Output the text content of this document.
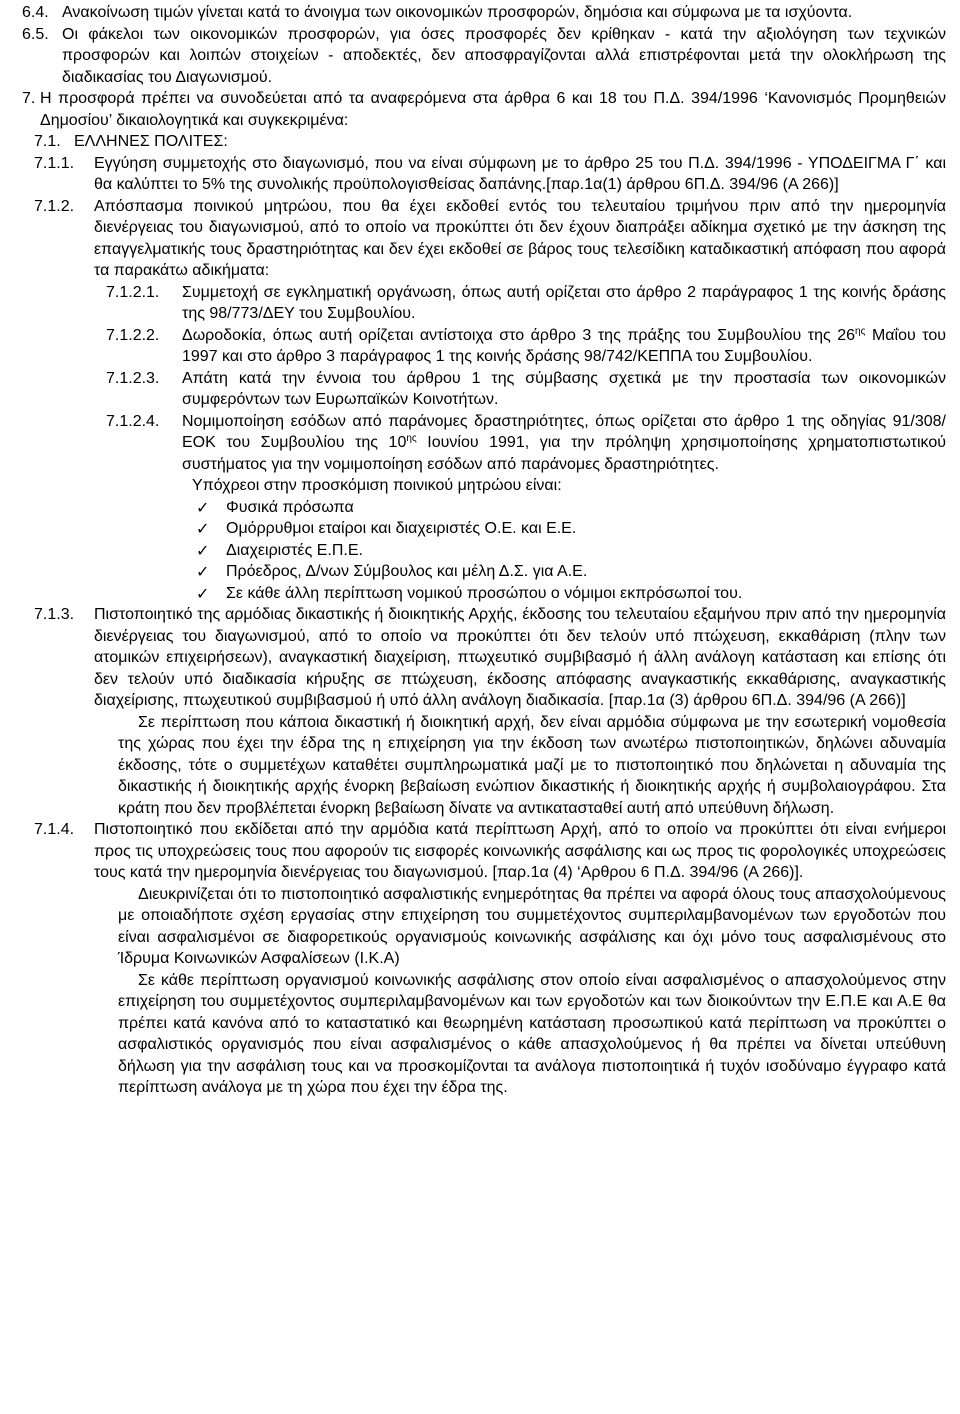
6.4. Ανακοίνωση τιμών γίνεται κατά το άνοιγμα των οικονομικών προσφορών, δημόσια και σύμφωνα με τα ισχύοντα.
6.5. Οι φάκελοι των οικονομικών προσφορών, για όσες προσφορές δεν κρίθηκαν - κατά την αξιολόγηση των τεχνικών προσφορών και λοιπών στοιχείων - αποδεκτές, δεν αποσφραγίζονται αλλά επιστρέφονται μετά την ολοκλήρωση της διαδικασίας του Διαγωνισμού.
7. Η προσφορά πρέπει να συνοδεύεται από τα αναφερόμενα στα άρθρα 6 και 18 του Π.Δ. 394/1996 ‘Κανονισμός Προμηθειών Δημοσίου’ δικαιολογητικά και συγκεκριμένα:
7.1. ΕΛΛΗΝΕΣ ΠΟΛΙΤΕΣ:
7.1.1.	Εγγύηση συμμετοχής στο διαγωνισμό, που να είναι σύμφωνη με το άρθρο 25 του Π.Δ. 394/1996 - ΥΠΟΔΕΙΓΜΑ Γ΄ και θα καλύπτει το 5% της συνολικής προϋπολογισθείσας δαπάνης.[παρ.1α(1) άρθρου 6Π.Δ. 394/96 (Α 266)]
7.1.2.	Απόσπασμα ποινικού μητρώου, που θα έχει εκδοθεί εντός του τελευταίου τριμήνου πριν από την ημερομηνία διενέργειας του διαγωνισμού, από το οποίο να προκύπτει ότι δεν έχουν διαπράξει αδίκημα σχετικό με την άσκηση της επαγγελματικής τους δραστηριότητας και δεν έχει εκδοθεί σε βάρος τους τελεσίδικη καταδικαστική απόφαση που αφορά τα παρακάτω αδικήματα:
7.1.2.1.	Συμμετοχή σε εγκληματική οργάνωση, όπως αυτή ορίζεται στο άρθρο 2 παράγραφος 1 της κοινής δράσης της 98/773/ΔΕΥ του Συμβουλίου.
7.1.2.2.	Δωροδοκία, όπως αυτή ορίζεται αντίστοιχα στο άρθρο 3 της πράξης του Συμβουλίου της $26^{\eta\varsigma}$ Μαΐου του 1997 και στο άρθρο 3 παράγραφος 1 της κοινής δράσης 98/742/ΚΕΠΠΑ του Συμβουλίου.
7.1.2.3.	Απάτη κατά την έννοια του άρθρου 1 της σύμβασης σχετικά με την προστασία των οικονομικών συμφερόντων των Ευρωπαϊκών Κοινοτήτων.
7.1.2.4.	Νομιμοποίηση εσόδων από παράνομες δραστηριότητες, όπως ορίζεται στο άρθρο 1 της οδηγίας 91/308/ΕΟΚ του Συμβουλίου της $10^{\eta\varsigma}$ Ιουνίου 1991, για την πρόληψη χρησιμοποίησης χρηματοπιστωτικού συστήματος για την νομιμοποίηση εσόδων από παράνομες δραστηριότητες.
Υπόχρεοι στην προσκόμιση ποινικού μητρώου είναι:
✓	Φυσικά πρόσωπα
✓	Ομόρρυθμοι εταίροι και διαχειριστές Ο.Ε. και Ε.Ε.
✓	Διαχειριστές Ε.Π.Ε.
✓	Πρόεδρος, Δ/νων Σύμβουλος και μέλη Δ.Σ. για Α.Ε.
✓	Σε κάθε άλλη περίπτωση νομικού προσώπου ο νόμιμοι εκπρόσωποί του.
7.1.3.	Πιστοποιητικό της αρμόδιας δικαστικής ή διοικητικής Αρχής, έκδοσης του τελευταίου εξαμήνου πριν από την ημερομηνία διενέργειας του διαγωνισμού, από το οποίο να προκύπτει ότι δεν τελούν υπό πτώχευση, εκκαθάριση (πλην των ατομικών επιχειρήσεων), αναγκαστική διαχείριση, πτωχευτικό συμβιβασμό ή άλλη ανάλογη κατάσταση και επίσης ότι δεν τελούν υπό διαδικασία κήρυξης σε πτώχευση, έκδοσης απόφασης αναγκαστικής εκκαθάρισης, αναγκαστικής διαχείρισης, πτωχευτικού συμβιβασμού ή υπό άλλη ανάλογη διαδικασία. [παρ.1α (3) άρθρου 6Π.Δ. 394/96 (Α 266)]
Σε περίπτωση που κάποια δικαστική ή διοικητική αρχή, δεν είναι αρμόδια σύμφωνα με την εσωτερική νομοθεσία της χώρας που έχει την έδρα της η επιχείρηση για την έκδοση των ανωτέρω πιστοποιητικών, δηλώνει αδυναμία έκδοσης, τότε ο συμμετέχων καταθέτει συμπληρωματικά μαζί με το πιστοποιητικό που δηλώνεται η αδυναμία της δικαστικής ή διοικητικής αρχής ένορκη βεβαίωση ενώπιον δικαστικής ή διοικητικής αρχής ή συμβολαιογράφου. Στα κράτη που δεν προβλέπεται ένορκη βεβαίωση δίνατε να αντικατασταθεί αυτή από υπεύθυνη δήλωση.
7.1.4.	Πιστοποιητικό που εκδίδεται από την αρμόδια κατά περίπτωση Αρχή, από το οποίο να προκύπτει ότι είναι ενήμεροι προς τις υποχρεώσεις τους που αφορούν τις εισφορές κοινωνικής ασφάλισης και ως προς τις φορολογικές υποχρεώσεις τους κατά την ημερομηνία διενέργειας του διαγωνισμού. [παρ.1α (4) ‘Αρθρου 6 Π.Δ. 394/96 (Α 266)].
Διευκρινίζεται ότι το πιστοποιητικό ασφαλιστικής ενημερότητας θα πρέπει να αφορά όλους τους απασχολούμενους με οποιαδήποτε σχέση εργασίας στην επιχείρηση του συμμετέχοντος συμπεριλαμβανομένων των εργοδοτών που είναι ασφαλισμένοι σε διαφορετικούς οργανισμούς κοινωνικής ασφάλισης και όχι μόνο τους ασφαλισμένους στο Ίδρυμα Κοινωνικών Ασφαλίσεων (Ι.Κ.Α)
Σε κάθε περίπτωση οργανισμού κοινωνικής ασφάλισης στον οποίο είναι ασφαλισμένος ο απασχολούμενος στην επιχείρηση του συμμετέχοντος συμπεριλαμβανομένων και των εργοδοτών και των διοικούντων την Ε.Π.Ε και Α.Ε θα πρέπει κατά κανόνα από το καταστατικό και θεωρημένη κατάσταση προσωπικού κατά περίπτωση να προκύπτει ο ασφαλιστικός οργανισμός που είναι ασφαλισμένος ο κάθε απασχολούμενος ή θα πρέπει να δίνεται υπεύθυνη δήλωση για την ασφάλιση τους και να προσκομίζονται τα ανάλογα πιστοποιητικά ή τυχόν ισοδύναμο έγγραφο κατά περίπτωση ανάλογα με τη χώρα που έχει την έδρα της.
